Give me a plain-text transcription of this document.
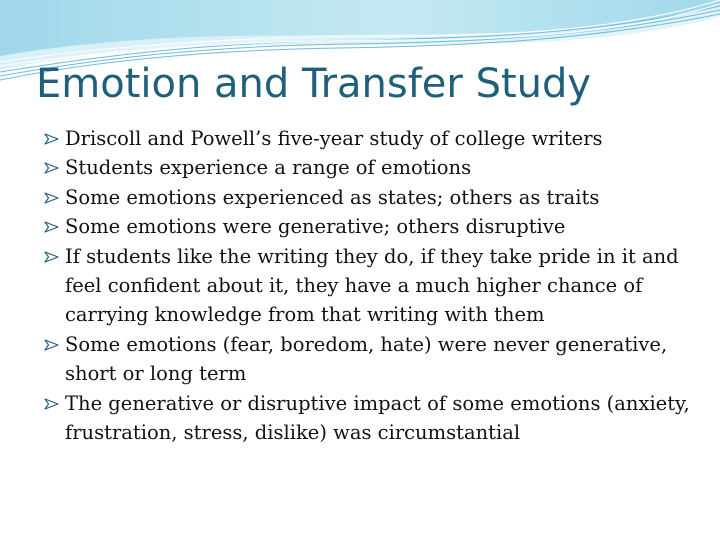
Emotion and Transfer Study
Driscoll and Powell’s five-year study of college writers
Students experience a range of emotions
Some emotions experienced as states; others as traits
Some emotions were generative; others disruptive
If students like the writing they do, if they take pride in it and feel confident about it, they have a much higher chance of carrying knowledge from that writing with them
Some emotions (fear, boredom, hate) were never generative, short or long term
The generative or disruptive impact of some emotions (anxiety, frustration, stress, dislike) was circumstantial
